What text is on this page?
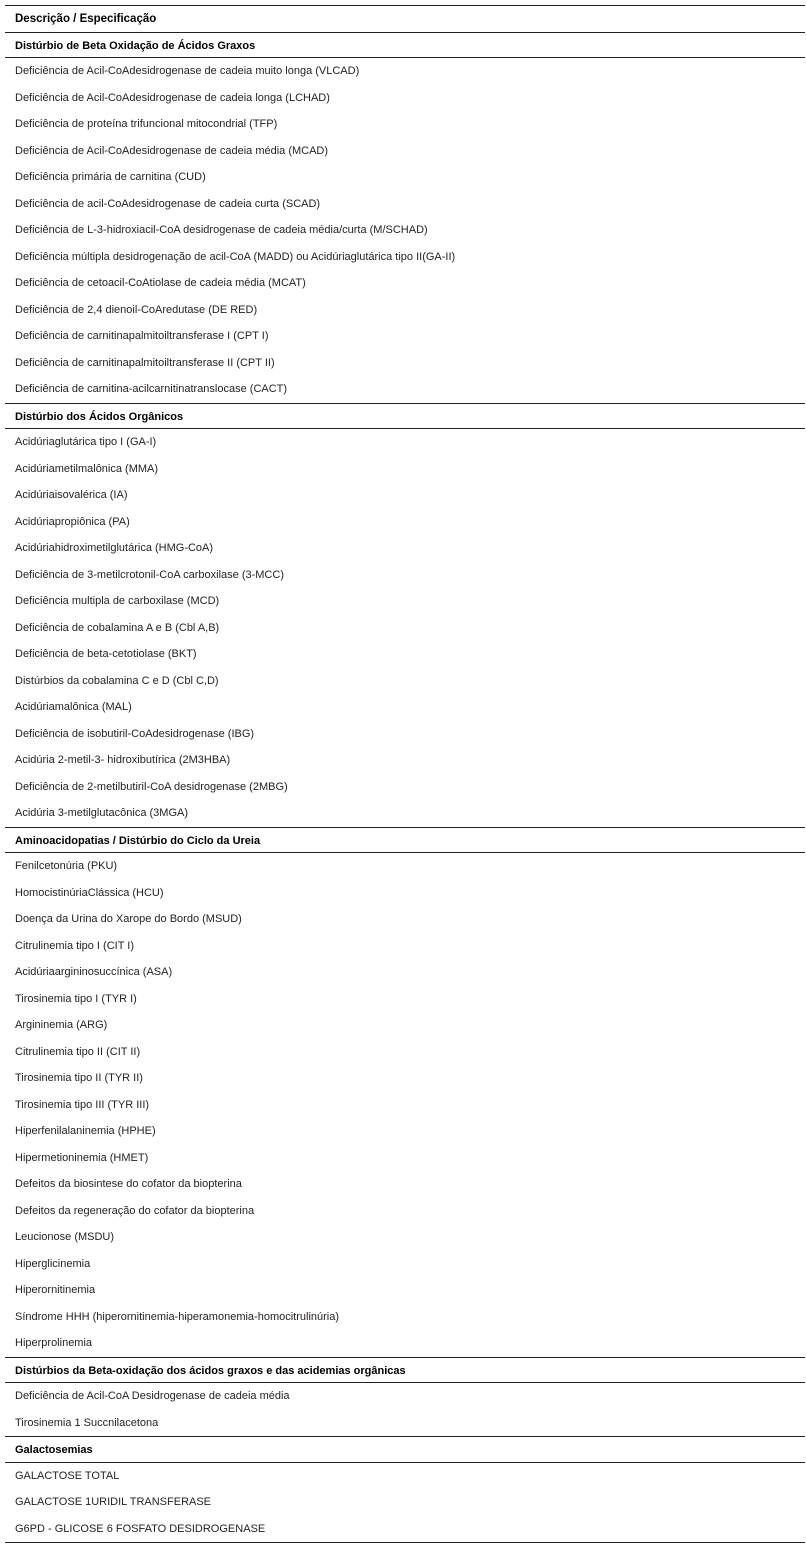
Descrição / Especificação
Distúrbio de Beta Oxidação de Ácidos Graxos
Deficiência de Acil-CoAdesidrogenase de cadeia muito longa (VLCAD)
Deficiência de Acil-CoAdesidrogenase de cadeia longa (LCHAD)
Deficiência de proteína trifuncional mitocondrial (TFP)
Deficiência de Acil-CoAdesidrogenase de cadeia média (MCAD)
Deficiência primária de carnitina (CUD)
Deficiência de acil-CoAdesidrogenase de cadeia curta (SCAD)
Deficiência de L-3-hidroxiacil-CoA desidrogenase de cadeia média/curta (M/SCHAD)
Deficiência múltipla desidrogenação de acil-CoA (MADD) ou Acidúriaglutárica tipo II(GA-II)
Deficiência de cetoacil-CoAtiolase de cadeia média (MCAT)
Deficiência de 2,4 dienoil-CoAredutase (DE RED)
Deficiência de carnitinapalmitoiltransferase I (CPT I)
Deficiência de carnitinapalmitoiltransferase II (CPT II)
Deficiência de carnitina-acilcarnitinatranslocase (CACT)
Distúrbio dos Ácidos Orgânicos
Acidúriaglutárica tipo I (GA-I)
Acidúriametilmalônica (MMA)
Acidúriaisovalérica (IA)
Acidúriapropiônica (PA)
Acidúriahidroximetilglutárica (HMG-CoA)
Deficiência de 3-metilcrotonil-CoA carboxilase (3-MCC)
Deficiência multipla de carboxilase (MCD)
Deficiência de cobalamina A e B (Cbl A,B)
Deficiência de beta-cetotiolase (BKT)
Distúrbios da cobalamina C e D (Cbl C,D)
Acidúriamalônica (MAL)
Deficiência de isobutiril-CoAdesidrogenase (IBG)
Acidúria 2-metil-3- hidroxibutírica (2M3HBA)
Deficiência de 2-metilbutiril-CoA desidrogenase (2MBG)
Acidúria 3-metilglutacônica (3MGA)
Aminoacidopatias / Distúrbio do Ciclo da Ureia
Fenilcetonúria (PKU)
HomocistinúriaClássica (HCU)
Doença da Urina do Xarope do Bordo (MSUD)
Citrulinemia tipo I (CIT I)
Acidúriaargininosuccínica (ASA)
Tirosinemia tipo I (TYR I)
Argininemia (ARG)
Citrulinemia tipo II (CIT II)
Tirosinemia tipo II (TYR II)
Tirosinemia tipo III (TYR III)
Hiperfenilalaninemia (HPHE)
Hipermetioninemia (HMET)
Defeitos da biosintese do cofator da biopterina
Defeitos da regeneração do cofator da biopterina
Leucionose (MSDU)
Hiperglicinemia
Hiperornitinemia
Síndrome HHH (hiperornitinemia-hiperamonemia-homocitrulinúria)
Hiperprolinemia
Distúrbios da Beta-oxidação dos ácidos graxos e das acidemias orgânicas
Deficiência de Acil-CoA Desidrogenase de cadeia média
Tirosinemia 1 Succnilacetona
Galactosemias
GALACTOSE TOTAL
GALACTOSE 1URIDIL TRANSFERASE
G6PD - GLICOSE 6 FOSFATO DESIDROGENASE
